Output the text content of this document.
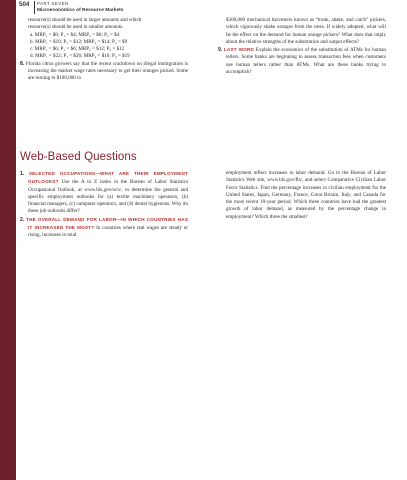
504 PART SEVEN
Microeconomics of Resource Markets

resource(s) should be used in larger amounts and which

resource(s) should be used in smaller amounts.

a. MRP₁ = $8; P₁ = $4; MRP₂ = $8; P₂ = $4
b. MRP₁ = $10; P₁ = $12; MRP₂ = $14; P₂ = $9
c. MRP₁ = $6; P₁ = $6; MRP₂ = $12; P₂ = $12
d. MRP₁ = $22; P₁ = $26; MRP₂ = $16; P₂ = $19

8. Florida citrus growers say that the recent crackdown on illegal immigration is increasing the market wage rates necessary to get their oranges picked. Some are turning to $100,000 to

$300,000 mechanical harvesters known as “trunk, shake, and catch” pickers, which vigorously shake oranges from the trees. If widely adopted, what will be the effect on the demand for human orange pickers? What does that imply about the relative strengths of the substitution and output effects?

9. LAST WORD Explain the economics of the substitution of ATMs for human tellers. Some banks are beginning to assess transaction fees when customers use human tellers rather than ATMs. What are these banks trying to accomplish?

Web-Based Questions

1. SELECTED OCCUPATIONS—WHAT ARE THEIR EMPLOYMENT OUTLOOKS? Use the A to Z index in the Bureau of Labor Statistics Occupational Outlook, at www.bls.gov/oco/, to determine the general and specific employment outlooks for (a) textile machinery operators, (b) financial managers, (c) computer operators, and (d) dental hygienists. Why do these job outlooks differ?

2. THE OVERALL DEMAND FOR LABOR—IN WHICH COUNTRIES HAS IT INCREASED THE MOST? In countries where real wages are steady or rising, increases in total

employment reflect increases in labor demand. Go to the Bureau of Labor Statistics Web site, www.bls.gov/fls/, and select Comparative Civilian Labor Force Statistics. Find the percentage increases in civilian employment for the United States, Japan, Germany, France, Great Britain, Italy, and Canada for the most recent 10-year period. Which three countries have had the greatest growth of labor demand, as measured by the percentage change in employment? Which three the smallest?
